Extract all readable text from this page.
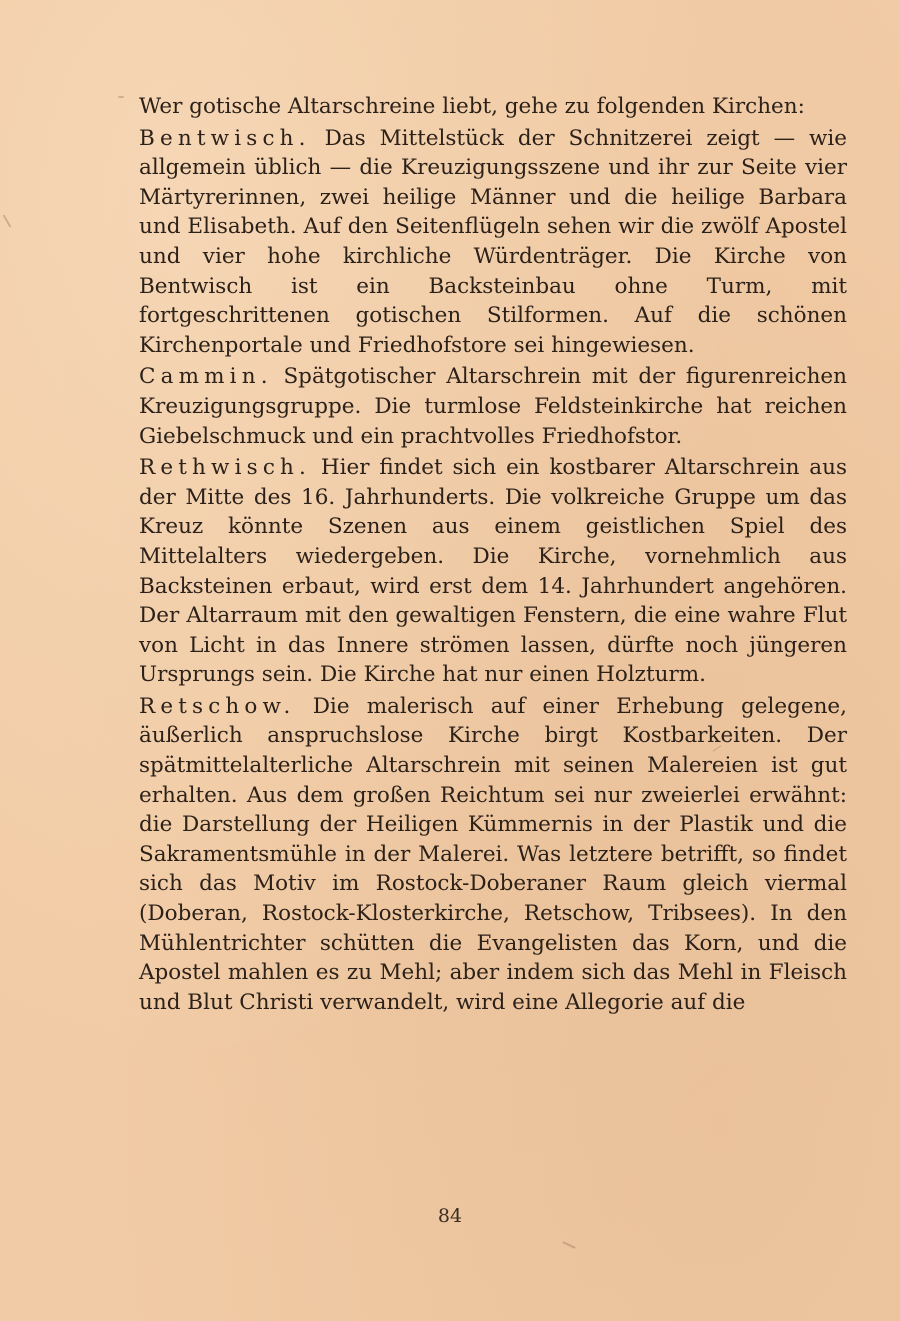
Wer gotische Altarschreine liebt, gehe zu folgenden Kirchen:

Bentwisch. Das Mittelstück der Schnitzerei zeigt — wie allgemein üblich — die Kreuzigungsszene und ihr zur Seite vier Märtyrerinnen, zwei heilige Männer und die heilige Barbara und Elisabeth. Auf den Seitenflügeln sehen wir die zwölf Apostel und vier hohe kirchliche Würdenträger. Die Kirche von Bentwisch ist ein Backsteinbau ohne Turm, mit fortgeschrittenen gotischen Stilformen. Auf die schönen Kirchenportale und Friedhofstore sei hingewiesen.

Cammin. Spätgotischer Altarschrein mit der figurenreichen Kreuzigungsgruppe. Die turmlose Feldsteinkirche hat reichen Giebelschmuck und ein prachtvolles Friedhofstor.

Rethwisch. Hier findet sich ein kostbarer Altarschrein aus der Mitte des 16. Jahrhunderts. Die volkreiche Gruppe um das Kreuz könnte Szenen aus einem geistlichen Spiel des Mittelalters wiedergeben. Die Kirche, vornehmlich aus Backsteinen erbaut, wird erst dem 14. Jahrhundert angehören. Der Altarraum mit den gewaltigen Fenstern, die eine wahre Flut von Licht in das Innere strömen lassen, dürfte noch jüngeren Ursprungs sein. Die Kirche hat nur einen Holzturm.

Retschow. Die malerisch auf einer Erhebung gelegene, äußerlich anspruchslose Kirche birgt Kostbarkeiten. Der spätmittelalterliche Altarschrein mit seinen Malereien ist gut erhalten. Aus dem großen Reichtum sei nur zweierlei erwähnt: die Darstellung der Heiligen Kümmernis in der Plastik und die Sakramentsmühle in der Malerei. Was letztere betrifft, so findet sich das Motiv im Rostock-Doberaner Raum gleich viermal (Doberan, Rostock-Klosterkirche, Retschow, Tribsees). In den Mühlentrichter schütten die Evangelisten das Korn, und die Apostel mahlen es zu Mehl; aber indem sich das Mehl in Fleisch und Blut Christi verwandelt, wird eine Allegorie auf die

84
